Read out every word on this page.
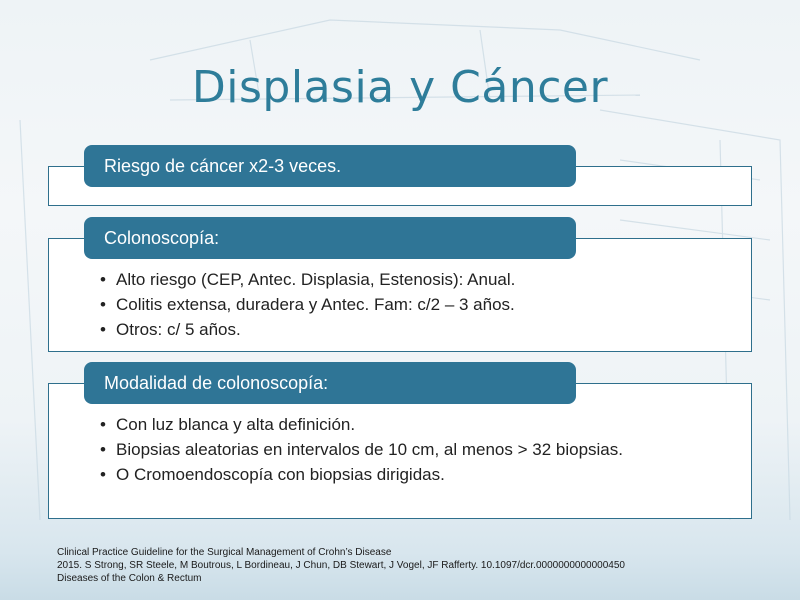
Displasia y Cáncer
Riesgo de cáncer x2-3 veces.
Colonoscopía:
• Alto riesgo (CEP, Antec. Displasia, Estenosis): Anual.
• Colitis extensa, duradera y Antec. Fam: c/2 – 3 años.
• Otros: c/ 5 años.
Modalidad de colonoscopía:
• Con luz blanca y alta definición.
• Biopsias aleatorias en intervalos de 10 cm, al menos > 32 biopsias.
• O Cromoendoscopía con biopsias dirigidas.
Clinical Practice Guideline for the Surgical Management of Crohn’s Disease
2015. S Strong, SR Steele, M Boutrous, L Bordineau, J Chun, DB Stewart, J Vogel, JF Rafferty. 10.1097/dcr.0000000000000450
Diseases of the Colon & Rectum
